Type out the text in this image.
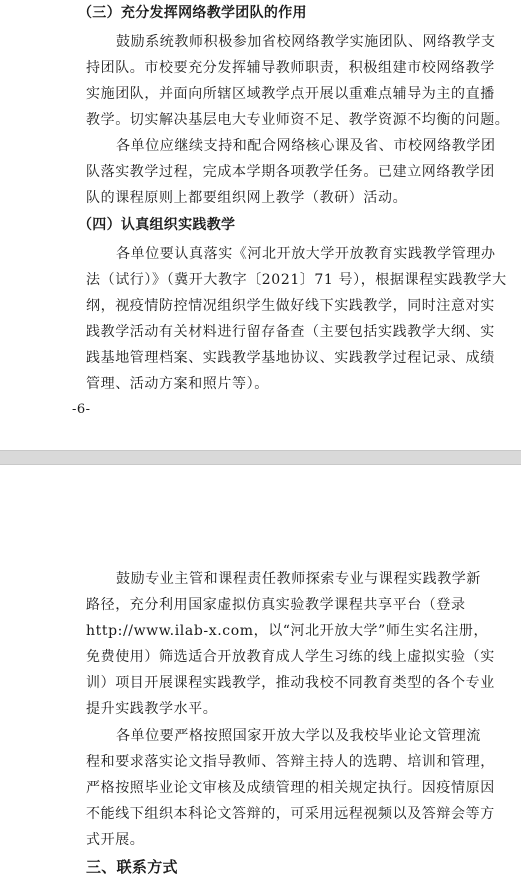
（三）充分发挥网络教学团队的作用
鼓励系统教师积极参加省校网络教学实施团队、网络教学支
持团队。市校要充分发挥辅导教师职责，积极组建市校网络教学
实施团队，并面向所辖区域教学点开展以重难点辅导为主的直播
教学。切实解决基层电大专业师资不足、教学资源不均衡的问题。
各单位应继续支持和配合网络核心课及省、市校网络教学团
队落实教学过程，完成本学期各项教学任务。已建立网络教学团
队的课程原则上都要组织网上教学（教研）活动。
（四）认真组织实践教学
各单位要认真落实《河北开放大学开放教育实践教学管理办
法（试行）》（冀开大教字〔2021〕71 号），根据课程实践教学大
纲，视疫情防控情况组织学生做好线下实践教学，同时注意对实
践教学活动有关材料进行留存备查（主要包括实践教学大纲、实
践基地管理档案、实践教学基地协议、实践教学过程记录、成绩
管理、活动方案和照片等）。
-6-
鼓励专业主管和课程责任教师探索专业与课程实践教学新
路径，充分利用国家虚拟仿真实验教学课程共享平台（登录
http://www.ilab-x.com，以“河北开放大学”师生实名注册，
免费使用）筛选适合开放教育成人学生习练的线上虚拟实验（实
训）项目开展课程实践教学，推动我校不同教育类型的各个专业
提升实践教学水平。
各单位要严格按照国家开放大学以及我校毕业论文管理流
程和要求落实论文指导教师、答辩主持人的选聘、培训和管理，
严格按照毕业论文审核及成绩管理的相关规定执行。因疫情原因
不能线下组织本科论文答辩的，可采用远程视频以及答辩会等方
式开展。
三、联系方式
